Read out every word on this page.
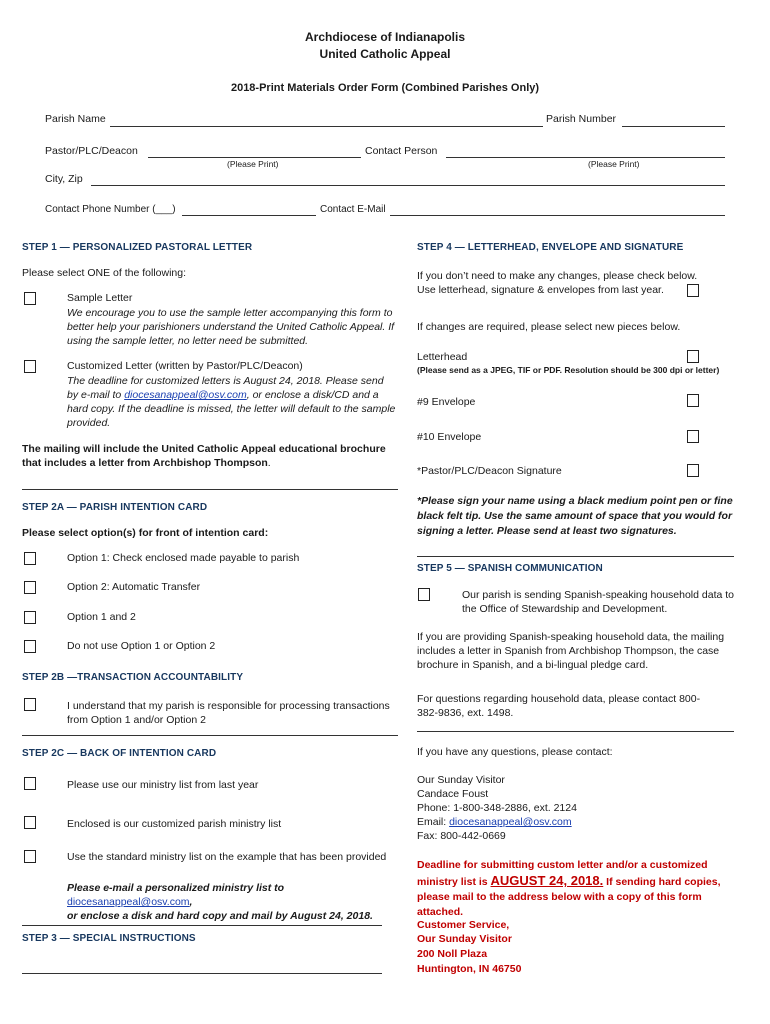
Archdiocese of Indianapolis
United Catholic Appeal
2018-Print Materials Order Form (Combined Parishes Only)
Parish Name	Parish Number
Pastor/PLC/Deacon
(Please Print)
Contact Person
(Please Print)
City, Zip
Contact Phone Number (___)	Contact E-Mail
STEP 1 — PERSONALIZED PASTORAL LETTER
Please select ONE of the following:
Sample Letter
We encourage you to use the sample letter accompanying this form to better help your parishioners understand the United Catholic Appeal. If using the sample letter, no letter need be submitted.
Customized Letter (written by Pastor/PLC/Deacon)
The deadline for customized letters is August 24, 2018. Please send by e-mail to diocesanappeal@osv.com, or enclose a disk/CD and a hard copy. If the deadline is missed, the letter will default to the sample provided.
The mailing will include the United Catholic Appeal educational brochure that includes a letter from Archbishop Thompson.
STEP 2A — PARISH INTENTION CARD
Please select option(s) for front of intention card:
Option 1: Check enclosed made payable to parish
Option 2: Automatic Transfer
Option 1 and 2
Do not use Option 1 or Option 2
STEP 2B —TRANSACTION ACCOUNTABILITY
I understand that my parish is responsible for processing transactions from Option 1 and/or Option 2
STEP 2C — BACK OF INTENTION CARD
Please use our ministry list from last year
Enclosed is our customized parish ministry list
Use the standard ministry list on the example that has been provided
Please e-mail a personalized ministry list to diocesanappeal@osv.com,
or enclose a disk and hard copy and mail by August 24, 2018.
STEP 3 — SPECIAL INSTRUCTIONS
STEP 4 — LETTERHEAD, ENVELOPE AND SIGNATURE
If you don’t need to make any changes, please check below.
Use letterhead, signature & envelopes from last year.
If changes are required, please select new pieces below.
Letterhead
(Please send as a JPEG, TIF or PDF. Resolution should be 300 dpi or letter)
#9 Envelope
#10 Envelope
*Pastor/PLC/Deacon Signature
*Please sign your name using a black medium point pen or fine black felt tip. Use the same amount of space that you would for signing a letter. Please send at least two signatures.
STEP 5 — SPANISH COMMUNICATION
Our parish is sending Spanish-speaking household data to the Office of Stewardship and Development.
If you are providing Spanish-speaking household data, the mailing includes a letter in Spanish from Archbishop Thompson, the case brochure in Spanish, and a bi-lingual pledge card.
For questions regarding household data, please contact 800-382-9836, ext. 1498.
If you have any questions, please contact:
Our Sunday Visitor
Candace Foust
Phone: 1-800-348-2886, ext. 2124
Email: diocesanappeal@osv.com
Fax: 800-442-0669
Deadline for submitting custom letter and/or a customized ministry list is AUGUST 24, 2018. If sending hard copies, please mail to the address below with a copy of this form attached.
Customer Service,
Our Sunday Visitor
200 Noll Plaza
Huntington, IN 46750
